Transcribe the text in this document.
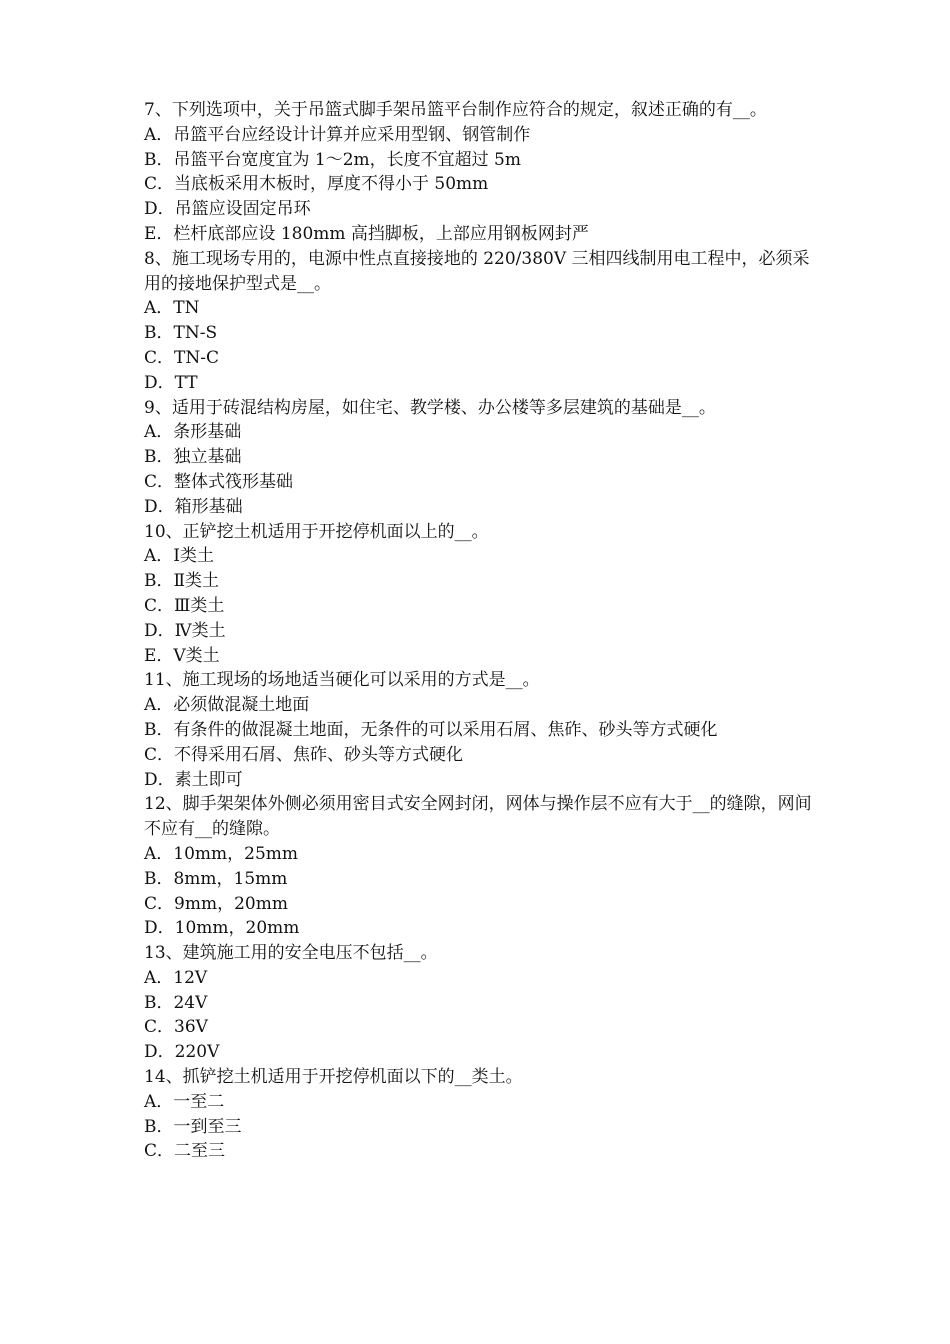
7、下列选项中，关于吊篮式脚手架吊篮平台制作应符合的规定，叙述正确的有__。

A．吊篮平台应经设计计算并应采用型钢、钢管制作

B．吊篮平台宽度宜为 1～2m，长度不宜超过 5m

C．当底板采用木板时，厚度不得小于 50mm

D．吊篮应设固定吊环

E．栏杆底部应设 180mm 高挡脚板，上部应用钢板网封严

8、施工现场专用的，电源中性点直接接地的 220/380V 三相四线制用电工程中，必须采用的接地保护型式是__。

A．TN

B．TN-S

C．TN-C

D．TT

9、适用于砖混结构房屋，如住宅、教学楼、办公楼等多层建筑的基础是__。

A．条形基础

B．独立基础

C．整体式筏形基础

D．箱形基础

10、正铲挖土机适用于开挖停机面以上的__。

A．Ⅰ类土

B．Ⅱ类土

C．Ⅲ类土

D．Ⅳ类土

E．Ⅴ类土

11、施工现场的场地适当硬化可以采用的方式是__。

A．必须做混凝土地面

B．有条件的做混凝土地面，无条件的可以采用石屑、焦砟、砂头等方式硬化

C．不得采用石屑、焦砟、砂头等方式硬化

D．素土即可

12、脚手架架体外侧必须用密目式安全网封闭，网体与操作层不应有大于__的缝隙，网间不应有__的缝隙。

A．10mm，25mm

B．8mm，15mm

C．9mm，20mm

D．10mm，20mm

13、建筑施工用的安全电压不包括__。

A．12V

B．24V

C．36V

D．220V

14、抓铲挖土机适用于开挖停机面以下的__类土。

A．一至二

B．一到至三

C．二至三
